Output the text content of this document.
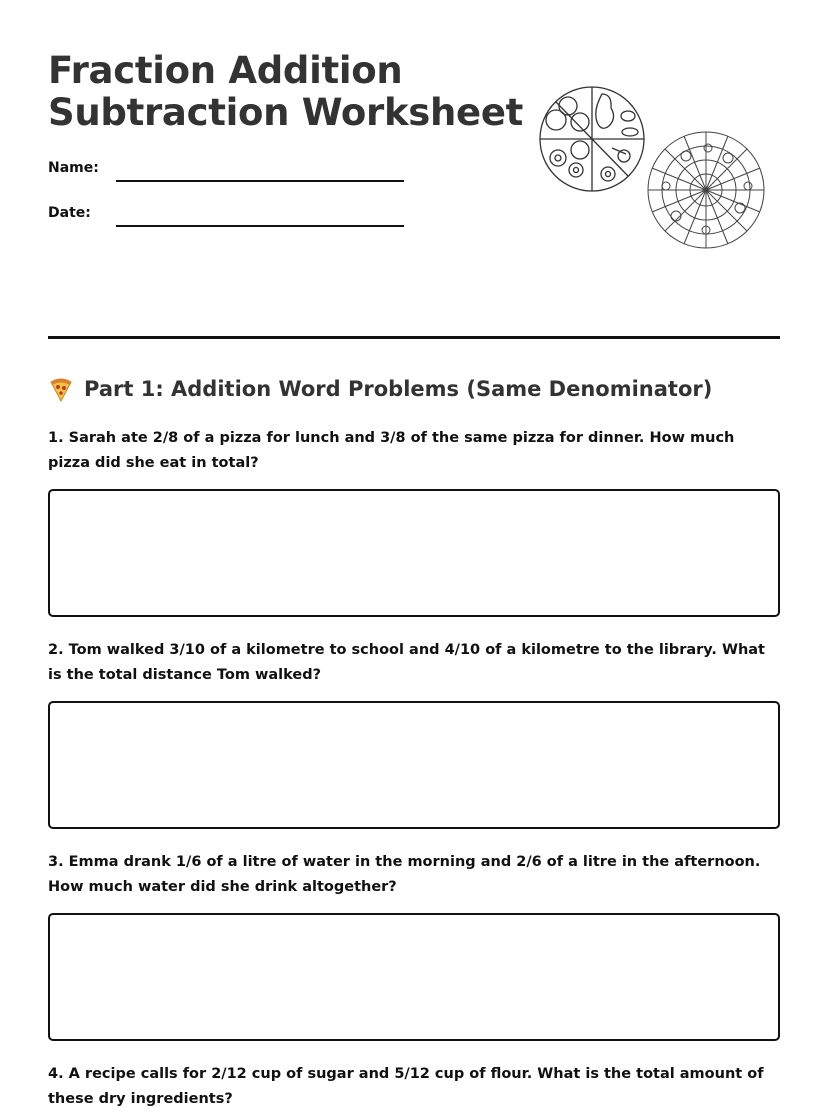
Fraction Addition
Subtraction Worksheet
Name:
Date:
Part 1: Addition Word Problems (Same Denominator)

1. Sarah ate 2/8 of a pizza for lunch and 3/8 of the same pizza for dinner. How much pizza did she eat in total?

2. Tom walked 3/10 of a kilometre to school and 4/10 of a kilometre to the library. What is the total distance Tom walked?

3. Emma drank 1/6 of a litre of water in the morning and 2/6 of a litre in the afternoon. How much water did she drink altogether?

4. A recipe calls for 2/12 cup of sugar and 5/12 cup of flour. What is the total amount of these dry ingredients?
